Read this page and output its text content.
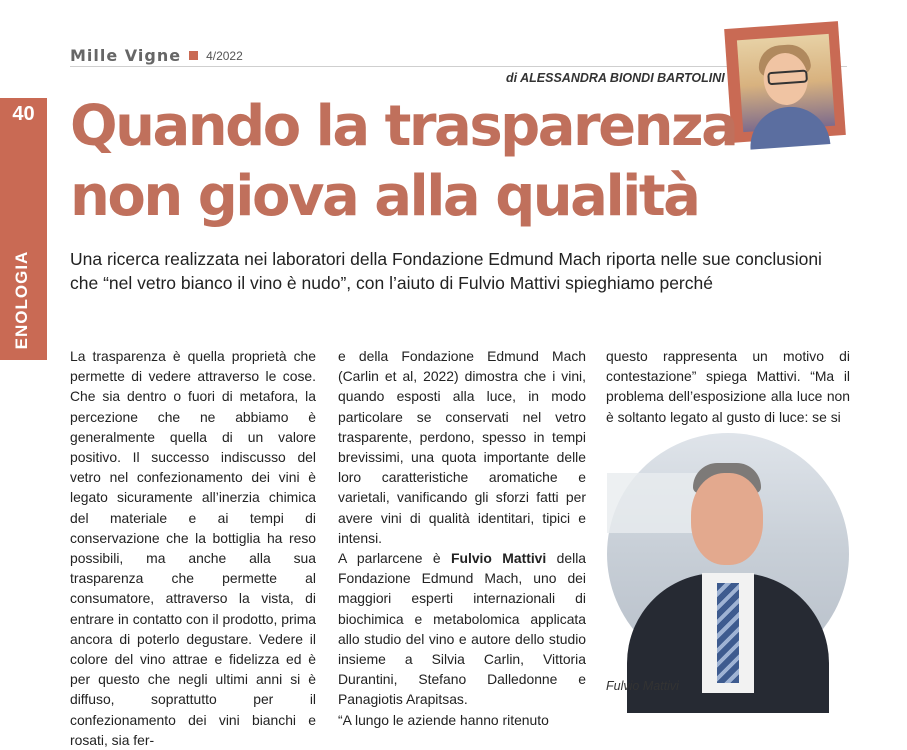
Mille Vigne 4/2022
di ALESSANDRA BIONDI BARTOLINI
40
ENOLOGIA
Quando la trasparenza
non giova alla qualità

Una ricerca realizzata nei laboratori della Fondazione Edmund Mach riporta nelle sue conclusioni che “nel vetro bianco il vino è nudo”, con l’aiuto di Fulvio Mattivi spieghiamo perché

La trasparenza è quella proprietà che permette di vedere attraverso le cose. Che sia dentro o fuori di metafora, la percezione che ne abbiamo è generalmente quella di un valore positivo. Il successo indiscusso del vetro nel confezionamento dei vini è legato sicuramente all’inerzia chimica del materiale e ai tempi di conservazione che la bottiglia ha reso possibili, ma anche alla sua trasparenza che permette al consumatore, attraverso la vista, di entrare in contatto con il prodotto, prima ancora di poterlo degustare. Vedere il colore del vino attrae e fidelizza ed è per questo che negli ultimi anni si è diffuso, soprattutto per il confezionamento dei vini bianchi e rosati, sia fer-

e della Fondazione Edmund Mach (Carlin et al, 2022) dimostra che i vini, quando esposti alla luce, in modo particolare se conservati nel vetro trasparente, perdono, spesso in tempi brevissimi, una quota importante delle loro caratteristiche aromatiche e varietali, vanificando gli sforzi fatti per avere vini di qualità identitari, tipici e intensi.

A parlarcene è Fulvio Mattivi della Fondazione Edmund Mach, uno dei maggiori esperti internazionali di biochimica e metabolomica applicata allo studio del vino e autore dello studio insieme a Silvia Carlin, Vittoria Durantini, Stefano Dalledonne e Panagiotis Arapitsas.

“A lungo le aziende hanno ritenuto

questo rappresenta un motivo di contestazione” spiega Mattivi. “Ma il problema dell’esposizione alla luce non è soltanto legato al gusto di luce: se si

Fulvio Mattivi
